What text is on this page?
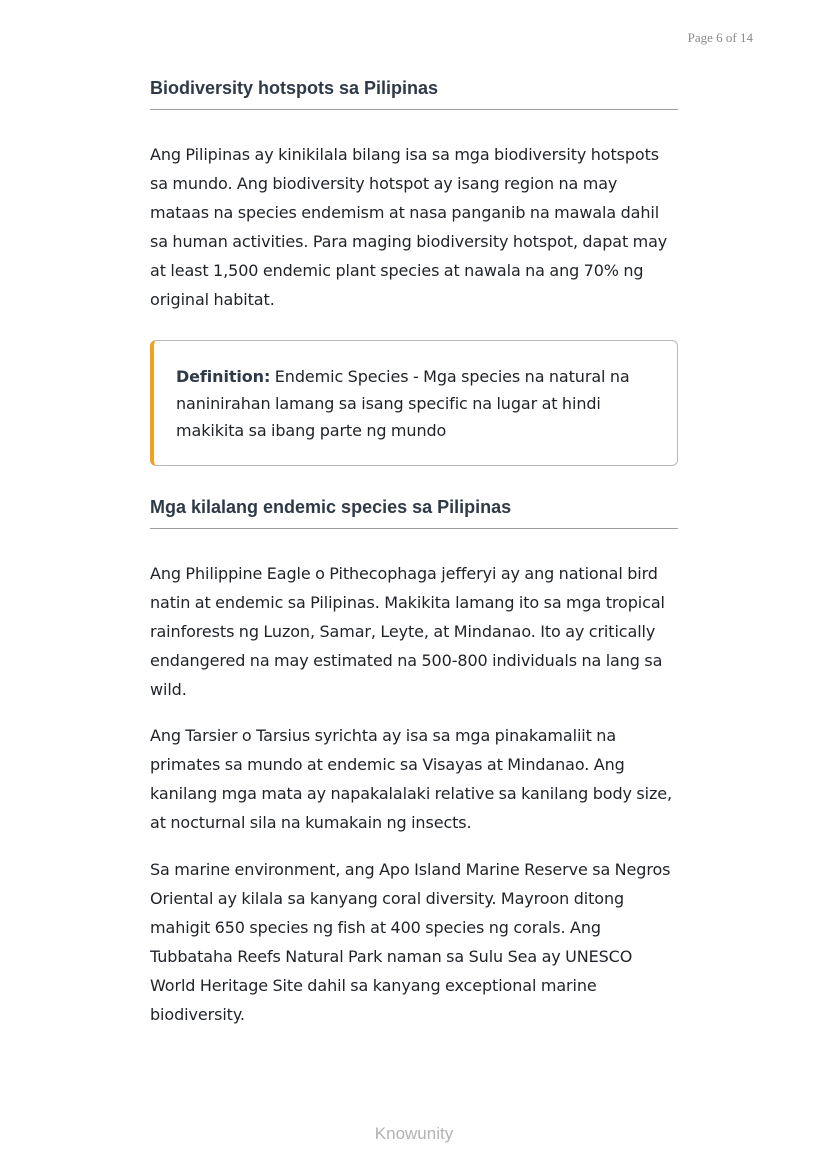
Page 6 of 14
Biodiversity hotspots sa Pilipinas

Ang Pilipinas ay kinikilala bilang isa sa mga biodiversity hotspots sa mundo. Ang biodiversity hotspot ay isang region na may mataas na species endemism at nasa panganib na mawala dahil sa human activities. Para maging biodiversity hotspot, dapat may at least 1,500 endemic plant species at nawala na ang 70% ng original habitat.

Definition: Endemic Species - Mga species na natural na naninirahan lamang sa isang specific na lugar at hindi makikita sa ibang parte ng mundo
Mga kilalang endemic species sa Pilipinas

Ang Philippine Eagle o Pithecophaga jefferyi ay ang national bird natin at endemic sa Pilipinas. Makikita lamang ito sa mga tropical rainforests ng Luzon, Samar, Leyte, at Mindanao. Ito ay critically endangered na may estimated na 500-800 individuals na lang sa wild.

Ang Tarsier o Tarsius syrichta ay isa sa mga pinakamaliit na primates sa mundo at endemic sa Visayas at Mindanao. Ang kanilang mga mata ay napakalalaki relative sa kanilang body size, at nocturnal sila na kumakain ng insects.

Sa marine environment, ang Apo Island Marine Reserve sa Negros Oriental ay kilala sa kanyang coral diversity. Mayroon ditong mahigit 650 species ng fish at 400 species ng corals. Ang Tubbataha Reefs Natural Park naman sa Sulu Sea ay UNESCO World Heritage Site dahil sa kanyang exceptional marine biodiversity.

Knowunity
